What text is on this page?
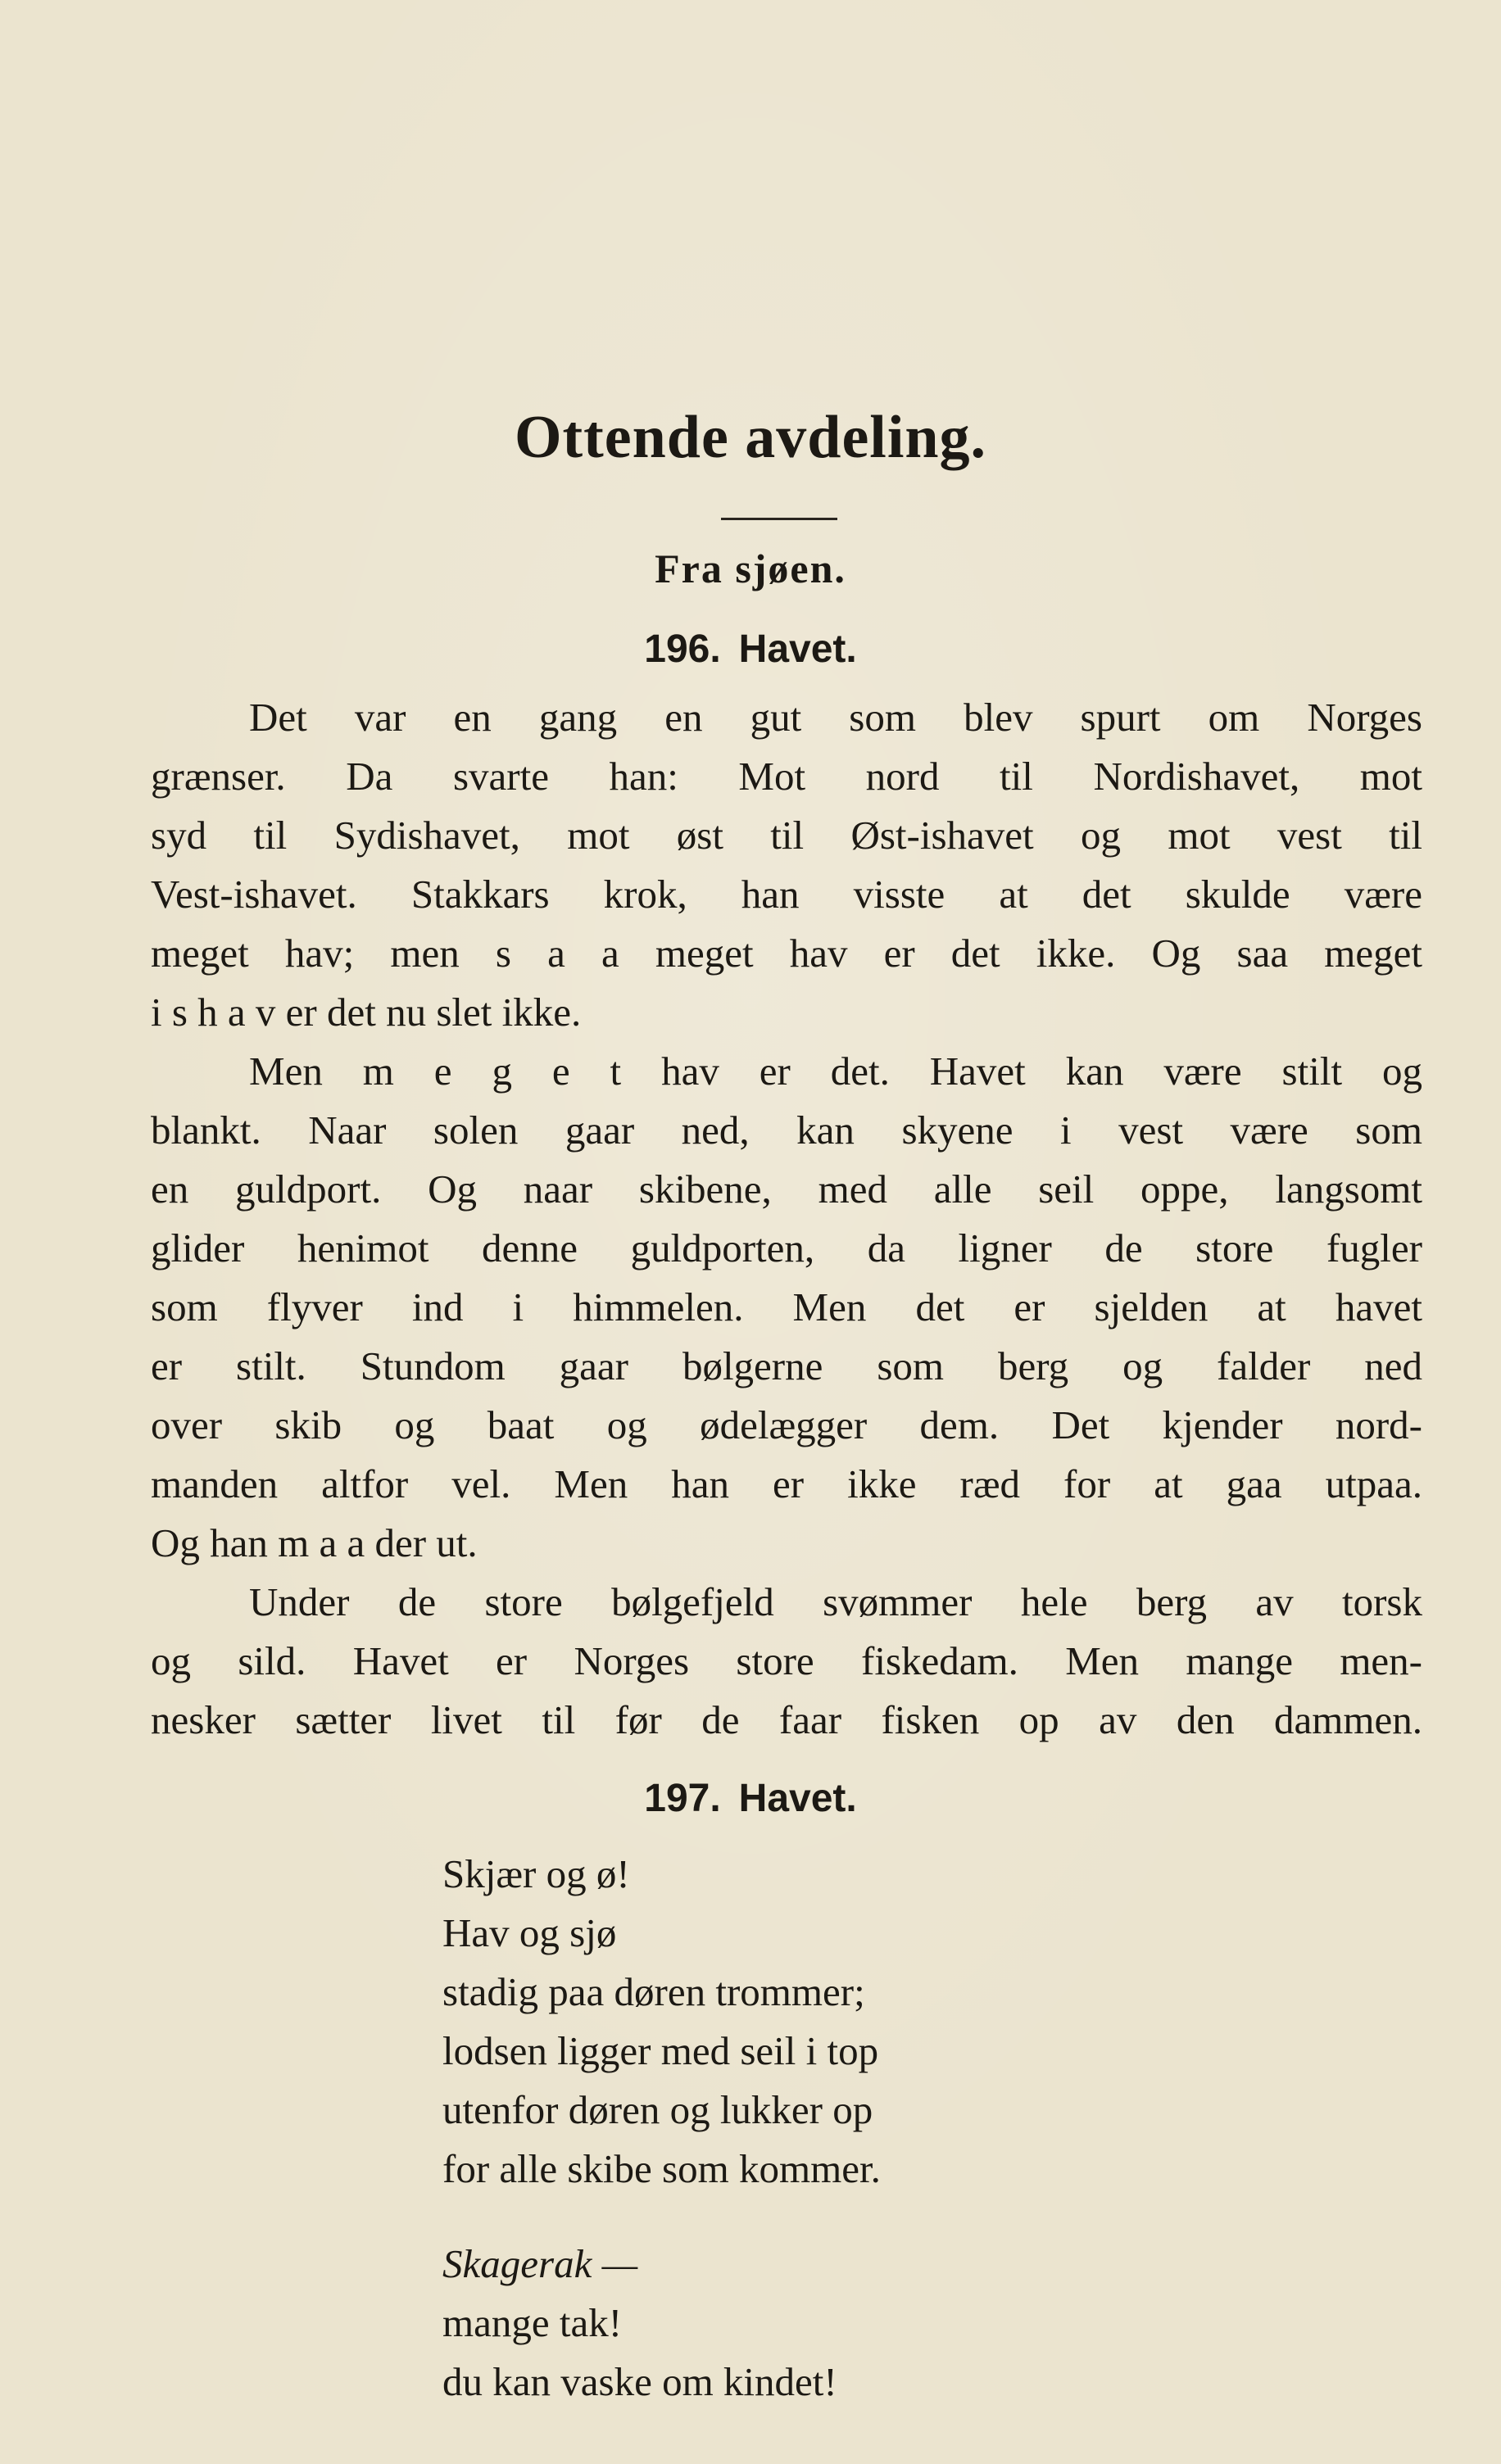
Ottende avdeling.
Fra sjøen.
196. Havet.
Det var en gang en gut som blev spurt om Norges
grænser. Da svarte han: Mot nord til Nordishavet, mot
syd til Sydishavet, mot øst til Øst-ishavet og mot vest til
Vest-ishavet. Stakkars krok, han visste at det skulde være
meget hav; men s a a meget hav er det ikke. Og saa meget
i s h a v er det nu slet ikke.
Men m e g e t hav er det. Havet kan være stilt og
blankt. Naar solen gaar ned, kan skyene i vest være som
en guldport. Og naar skibene, med alle seil oppe, langsomt
glider henimot denne guldporten, da ligner de store fugler
som flyver ind i himmelen. Men det er sjelden at havet
er stilt. Stundom gaar bølgerne som berg og falder ned
over skib og baat og ødelægger dem. Det kjender nord-
manden altfor vel. Men han er ikke ræd for at gaa utpaa.
Og han m a a der ut.
Under de store bølgefjeld svømmer hele berg av torsk
og sild. Havet er Norges store fiskedam. Men mange men-
nesker sætter livet til før de faar fisken op av den dammen.
197. Havet.
Skjær og ø!
Hav og sjø
stadig paa døren trommer;
lodsen ligger med seil i top
utenfor døren og lukker op
for alle skibe som kommer.
Skagerak —
mange tak!
du kan vaske om kindet!
